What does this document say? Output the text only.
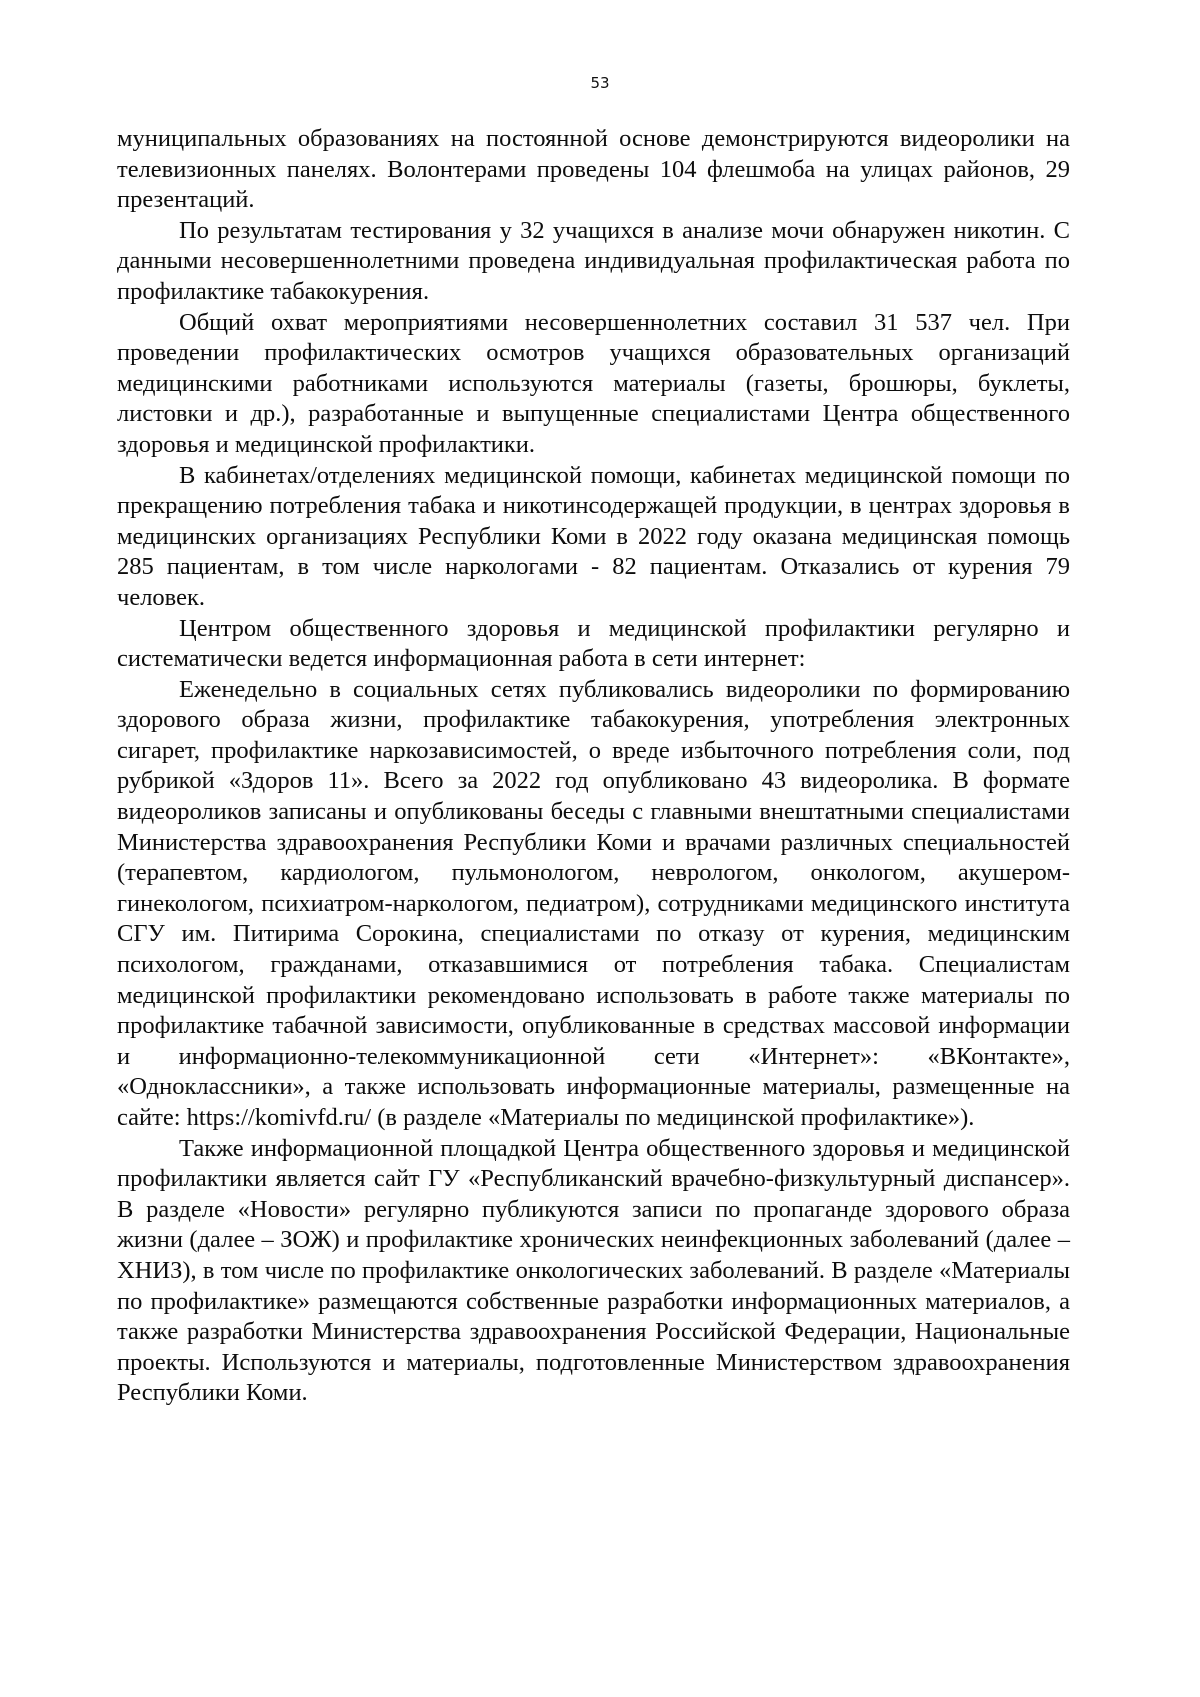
53

муниципальных образованиях на постоянной основе демонстрируются видеоролики на телевизионных панелях. Волонтерами проведены 104 флешмоба на улицах районов, 29 презентаций.

По результатам тестирования у 32 учащихся в анализе мочи обнаружен никотин. С данными несовершеннолетними проведена индивидуальная профилактическая работа по профилактике табакокурения.

Общий охват мероприятиями несовершеннолетних составил 31 537 чел. При проведении профилактических осмотров учащихся образовательных организаций медицинскими работниками используются материалы (газеты, брошюры, буклеты, листовки и др.), разработанные и выпущенные специалистами Центра общественного здоровья и медицинской профилактики.

В кабинетах/отделениях медицинской помощи, кабинетах медицинской помощи по прекращению потребления табака и никотинсодержащей продукции, в центрах здоровья в медицинских организациях Республики Коми в 2022 году оказана медицинская помощь 285 пациентам, в том числе наркологами - 82 пациентам. Отказались от курения 79 человек.

Центром общественного здоровья и медицинской профилактики регулярно и систематически ведется информационная работа в сети интернет:

Еженедельно в социальных сетях публиковались видеоролики по формированию здорового образа жизни, профилактике табакокурения, употребления электронных сигарет, профилактике наркозависимостей, о вреде избыточного потребления соли, под рубрикой «Здоров 11». Всего за 2022 год опубликовано 43 видеоролика. В формате видеороликов записаны и опубликованы беседы с главными внештатными специалистами Министерства здравоохранения Республики Коми и врачами различных специальностей (терапевтом, кардиологом, пульмонологом, неврологом, онкологом, акушером-гинекологом, психиатром-наркологом, педиатром), сотрудниками медицинского института СГУ им. Питирима Сорокина, специалистами по отказу от курения, медицинским психологом, гражданами, отказавшимися от потребления табака. Специалистам медицинской профилактики рекомендовано использовать в работе также материалы по профилактике табачной зависимости, опубликованные в средствах массовой информации и информационно-телекоммуникационной сети «Интернет»: «ВКонтакте», «Одноклассники», а также использовать информационные материалы, размещенные на сайте: https://komivfd.ru/ (в разделе «Материалы по медицинской профилактике»).

Также информационной площадкой Центра общественного здоровья и медицинской профилактики является сайт ГУ «Республиканский врачебно-физкультурный диспансер». В разделе «Новости» регулярно публикуются записи по пропаганде здорового образа жизни (далее – ЗОЖ) и профилактике хронических неинфекционных заболеваний (далее – ХНИЗ), в том числе по профилактике онкологических заболеваний. В разделе «Материалы по профилактике» размещаются собственные разработки информационных материалов, а также разработки Министерства здравоохранения Российской Федерации, Национальные проекты. Используются и материалы, подготовленные Министерством здравоохранения Республики Коми.
